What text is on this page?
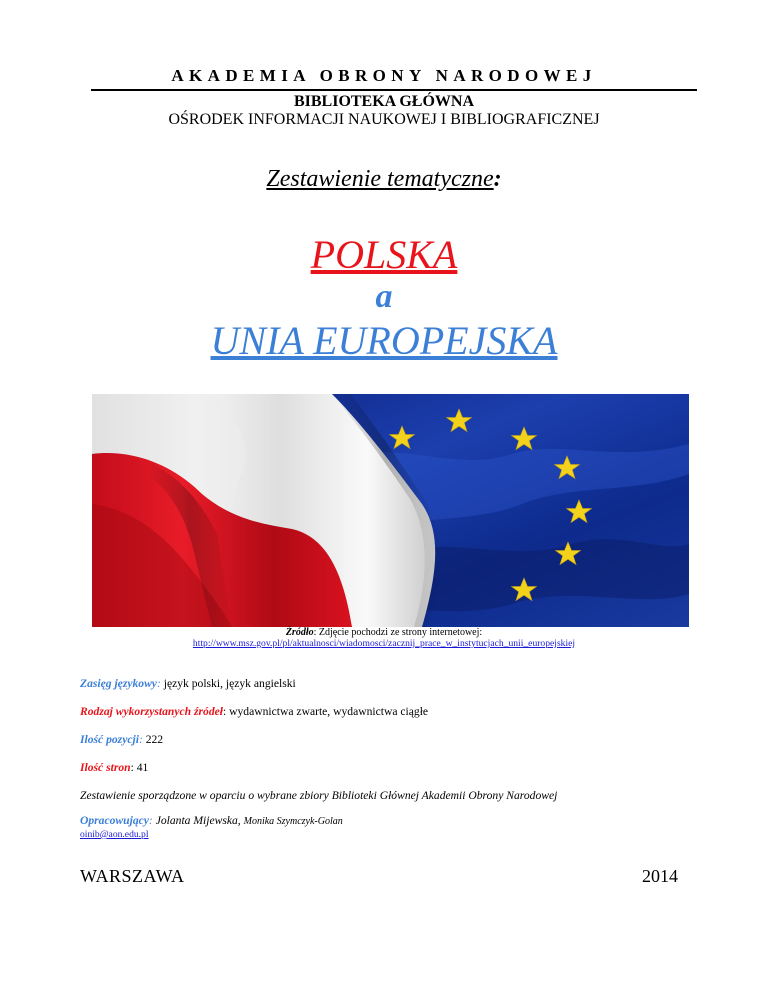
AKADEMIA OBRONY NARODOWEJ
BIBLIOTEKA GŁÓWNA
OŚRODEK INFORMACJI NAUKOWEJ I BIBLIOGRAFICZNEJ
Zestawienie tematyczne:
POLSKA
a
UNIA EUROPEJSKA
Źródło: Zdjęcie pochodzi ze strony internetowej:
http://www.msz.gov.pl/pl/aktualnosci/wiadomosci/zacznij_prace_w_instytucjach_unii_europejskiej
Zasięg językowy: język polski, język angielski
Rodzaj wykorzystanych źródeł: wydawnictwa zwarte, wydawnictwa ciągłe
Ilość pozycji: 222
Ilość stron: 41
Zestawienie sporządzone w oparciu o wybrane zbiory Biblioteki Głównej Akademii Obrony Narodowej
Opracowujący: Jolanta Mijewska, Monika Szymczyk-Golan
oinib@aon.edu.pl
WARSZAWA	2014
